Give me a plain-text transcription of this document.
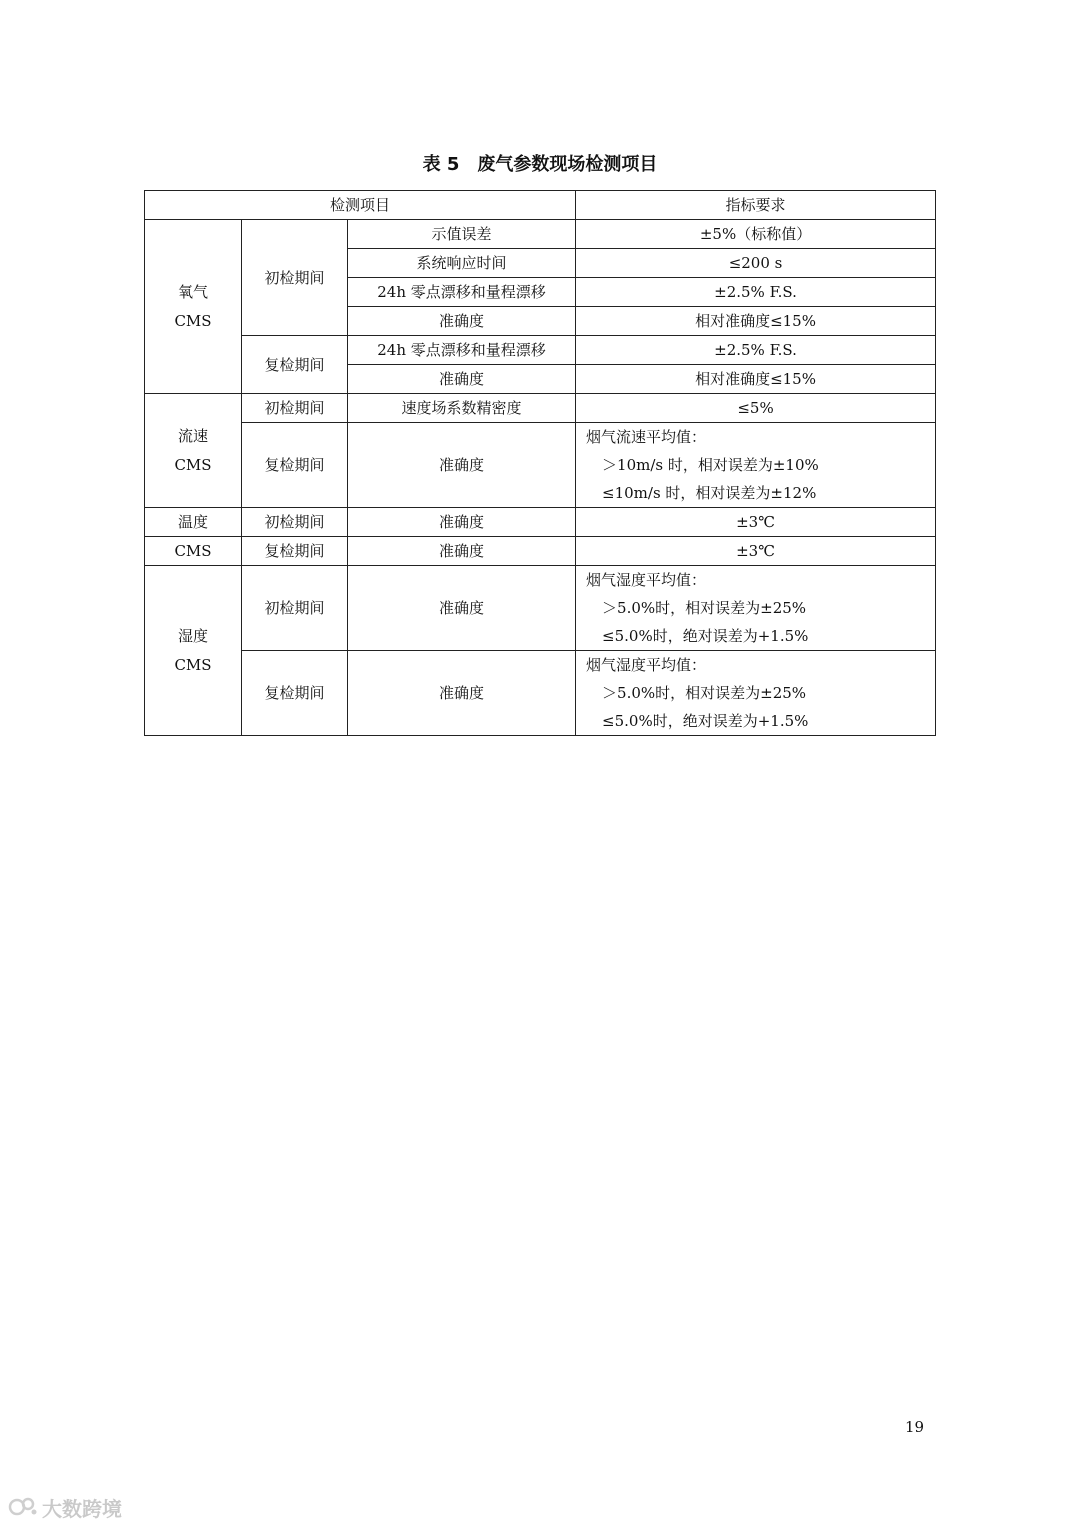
表 5 废气参数现场检测项目
检测项目			指标要求

氧气
CMS	初检期间	示值误差	±5%（标称值）
		系统响应时间	≤200 s
		24h 零点漂移和量程漂移	±2.5% F.S.
		准确度	相对准确度≤15%
	复检期间	24h 零点漂移和量程漂移	±2.5% F.S.
		准确度	相对准确度≤15%

流速
CMS	初检期间	速度场系数精密度	≤5%
	复检期间	准确度	烟气流速平均值：
＞10m/s 时，相对误差为±10%
≤10m/s 时，相对误差为±12%

温度	初检期间	准确度	±3℃
CMS	复检期间	准确度	±3℃

湿度
CMS	初检期间	准确度	烟气湿度平均值：
＞5.0%时，相对误差为±25%
≤5.0%时，绝对误差为+1.5%

	复检期间	准确度	烟气湿度平均值：
＞5.0%时，相对误差为±25%
≤5.0%时，绝对误差为+1.5%
19
大数跨境
